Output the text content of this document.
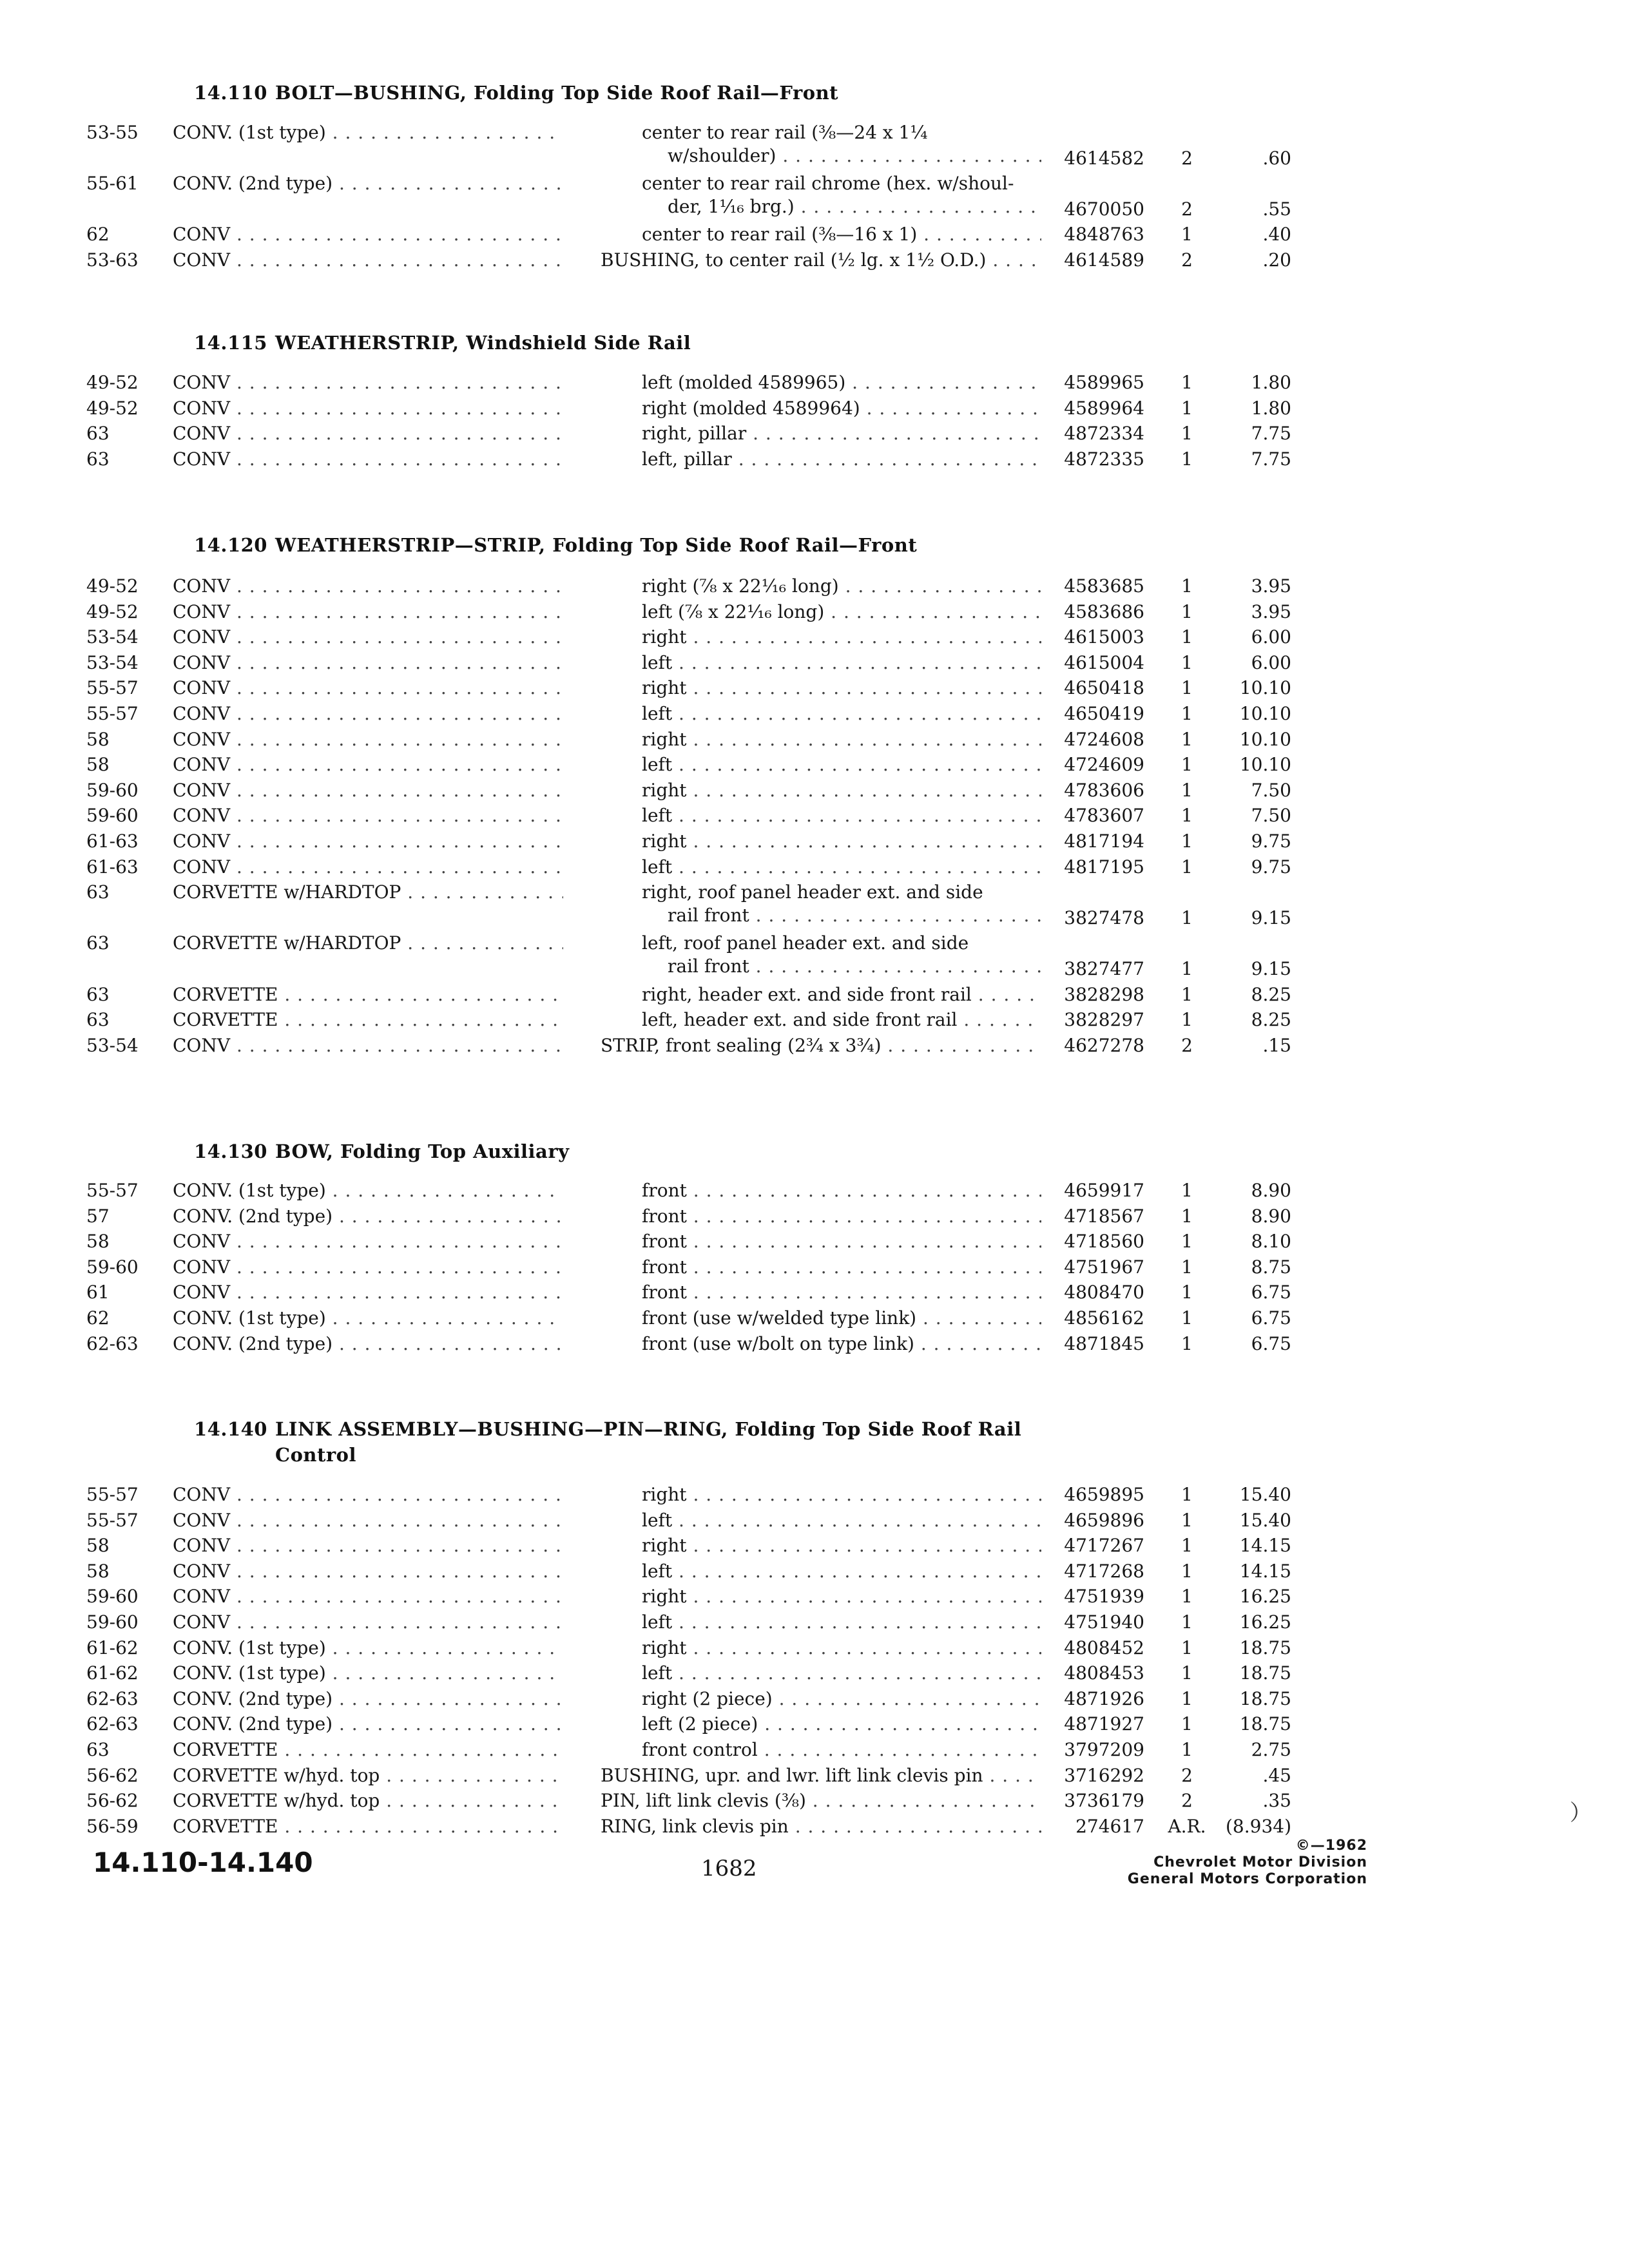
14.110 BOLT—BUSHING, Folding Top Side Roof Rail—Front
53-55 CONV. (1st type) . . .	center to rear rail (⅜—24 x 1¼
w/shoulder) . . .	4614582	2	.60
55-61 CONV. (2nd type) . . .	center to rear rail chrome (hex. w/shoul-
der, 1⅟₁₆ brg.) . . .	4670050	2	.55
62	CONV . . .	center to rear rail (⅜—16 x 1) . . .	4848763	1	.40
53-63 CONV . . .	BUSHING, to center rail (½ lg. x 1½ O.D.) . . .	4614589	2	.20
14.115 WEATHERSTRIP, Windshield Side Rail
49-52 CONV . . .	left (molded 4589965) . . .	4589965	1	1.80
49-52 CONV . . .	right (molded 4589964) . . .	4589964	1	1.80
63	CONV . . .	right, pillar . . .	4872334	1	7.75
63	CONV . . .	left, pillar . . .	4872335	1	7.75
14.120 WEATHERSTRIP—STRIP, Folding Top Side Roof Rail—Front
49-52 CONV . . .	right (⅞ x 22¹⁄₁₆ long) . . .	4583685	1	3.95
49-52 CONV . . .	left (⅞ x 22¹⁄₁₆ long) . . .	4583686	1	3.95
53-54 CONV . . .	right . . .	4615003	1	6.00
53-54 CONV . . .	left . . .	4615004	1	6.00
55-57 CONV . . .	right . . .	4650418	1	10.10
55-57 CONV . . .	left . . .	4650419	1	10.10
58	CONV . . .	right . . .	4724608	1	10.10
58	CONV . . .	left . . .	4724609	1	10.10
59-60 CONV . . .	right . . .	4783606	1	7.50
59-60 CONV . . .	left . . .	4783607	1	7.50
61-63 CONV . . .	right . . .	4817194	1	9.75
61-63 CONV . . .	left . . .	4817195	1	9.75
63	CORVETTE w/HARDTOP . . .	right, roof panel header ext. and side
rail front . . .	3827478	1	9.15
63	CORVETTE w/HARDTOP . . .	left, roof panel header ext. and side
rail front . . .	3827477	1	9.15
63	CORVETTE . . .	right, header ext. and side front rail . . .	3828298	1	8.25
63	CORVETTE . . .	left, header ext. and side front rail . . .	3828297	1	8.25
53-54 CONV . . .	STRIP, front sealing (2¾ x 3¾) . . .	4627278	2	.15
14.130 BOW, Folding Top Auxiliary
55-57 CONV. (1st type) . . .	front . . .	4659917	1	8.90
57	CONV. (2nd type) . . .	front . . .	4718567	1	8.90
58	CONV . . .	front . . .	4718560	1	8.10
59-60 CONV . . .	front . . .	4751967	1	8.75
61	CONV . . .	front . . .	4808470	1	6.75
62	CONV. (1st type) . . .	front (use w/welded type link) . . .	4856162	1	6.75
62-63 CONV. (2nd type) . . .	front (use w/bolt on type link) . . .	4871845	1	6.75
14.140 LINK ASSEMBLY—BUSHING—PIN—RING, Folding Top Side Roof Rail Control
55-57 CONV . . .	right . . .	4659895	1	15.40
55-57 CONV . . .	left . . .	4659896	1	15.40
58	CONV . . .	right . . .	4717267	1	14.15
58	CONV . . .	left . . .	4717268	1	14.15
59-60 CONV . . .	right . . .	4751939	1	16.25
59-60 CONV . . .	left . . .	4751940	1	16.25
61-62 CONV. (1st type) . . .	right . . .	4808452	1	18.75
61-62 CONV. (1st type) . . .	left . . .	4808453	1	18.75
62-63 CONV. (2nd type) . . .	right (2 piece) . . .	4871926	1	18.75
62-63 CONV. (2nd type) . . .	left (2 piece) . . .	4871927	1	18.75
63	CORVETTE . . .	front control . . .	3797209	1	2.75
56-62 CORVETTE w/hyd. top . . .	BUSHING, upr. and lwr. lift link clevis pin . . .	3716292	2	.45
56-62 CORVETTE w/hyd. top . . .	PIN, lift link clevis (⅜) . . .	3736179	2	.35
56-59 CORVETTE . . .	RING, link clevis pin . . .	274617 A.R. (8.934)
14.110-14.140	1682
©—1962
Chevrolet Motor Division
General Motors Corporation
）
